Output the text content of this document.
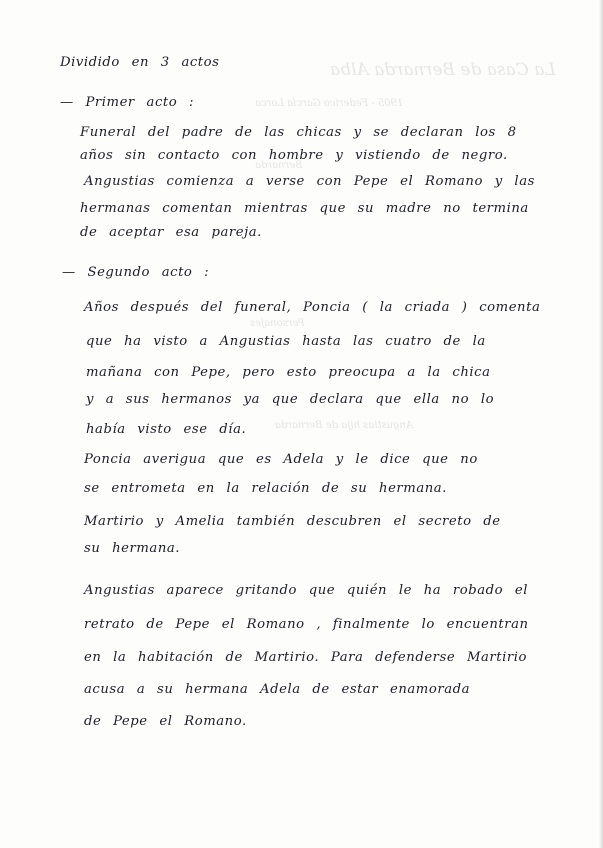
La Casa de Bernarda Alba
1905 - Federico García Lorca
Bernarda
Personajes
Angustias hija de Bernarda
Dividido en 3 actos
— Primer acto :
Funeral del padre de las chicas y se declaran los 8
años sin contacto con hombre y vistiendo de negro.
Angustias comienza a verse con Pepe el Romano y las
hermanas comentan mientras que su madre no termina
de aceptar esa pareja.
— Segundo acto :
Años después del funeral, Poncia ( la criada ) comenta
que ha visto a Angustias hasta las cuatro de la
mañana con Pepe, pero esto preocupa a la chica
y a sus hermanos ya que declara que ella no lo
había visto ese día.
Poncia averigua que es Adela y le dice que no
se entrometa en la relación de su hermana.
Martirio y Amelia también descubren el secreto de
su hermana.
Angustias aparece gritando que quién le ha robado el
retrato de Pepe el Romano , finalmente lo encuentran
en la habitación de Martirio. Para defenderse Martirio
acusa a su hermana Adela de estar enamorada
de Pepe el Romano.
